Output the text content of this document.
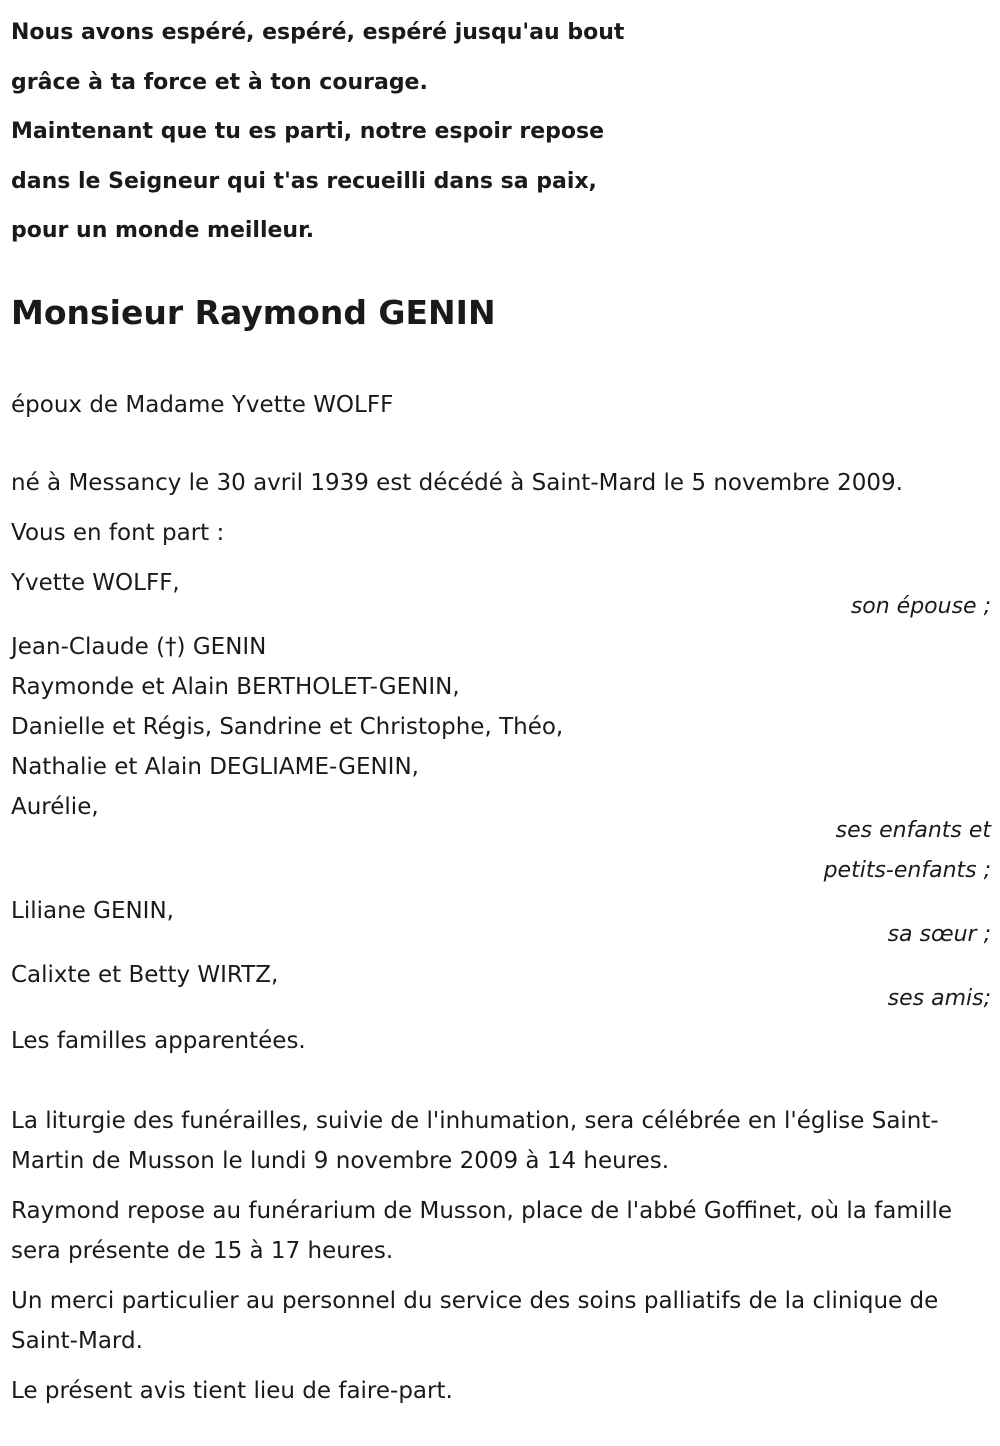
Nous avons espéré, espéré, espéré jusqu'au bout
grâce à ta force et à ton courage.
Maintenant que tu es parti, notre espoir repose
dans le Seigneur qui t'as recueilli dans sa paix,
pour un monde meilleur.
Monsieur Raymond GENIN

époux de Madame Yvette WOLFF

né à Messancy le 30 avril 1939 est décédé à Saint-Mard le 5 novembre 2009.

Vous en font part :

Yvette WOLFF,

son épouse ;

Jean-Claude (†) GENIN

Raymonde et Alain BERTHOLET-GENIN,

Danielle et Régis, Sandrine et Christophe, Théo,

Nathalie et Alain DEGLIAME-GENIN,

Aurélie,

ses enfants et

petits-enfants ;

Liliane GENIN,

sa sœur ;

Calixte et Betty WIRTZ,

ses amis;

Les familles apparentées.

La liturgie des funérailles, suivie de l'inhumation, sera célébrée en l'église Saint-Martin de Musson le lundi 9 novembre 2009 à 14 heures.

Raymond repose au funérarium de Musson, place de l'abbé Goffinet, où la famille sera présente de 15 à 17 heures.

Un merci particulier au personnel du service des soins palliatifs de la clinique de Saint-Mard.

Le présent avis tient lieu de faire-part.
